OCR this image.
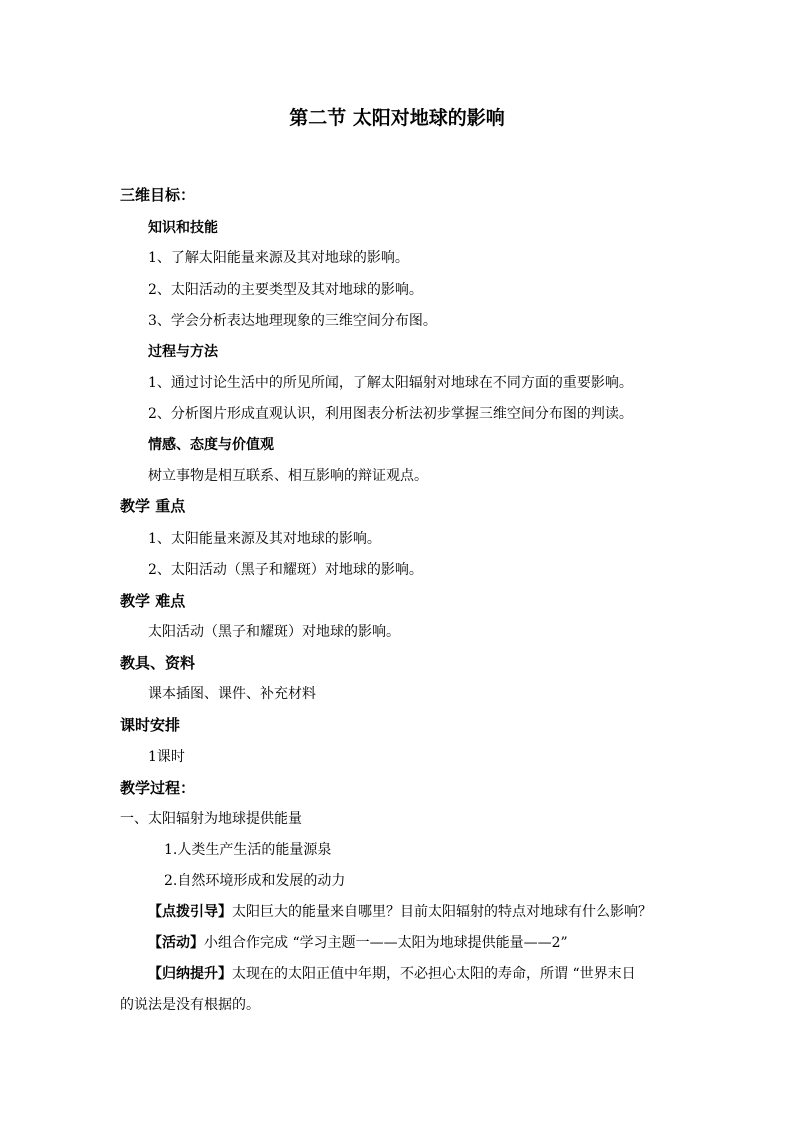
第二节 太阳对地球的影响
三维目标：
知识和技能
1、了解太阳能量来源及其对地球的影响。
2、太阳活动的主要类型及其对地球的影响。
3、学会分析表达地理现象的三维空间分布图。
过程与方法
1、通过讨论生活中的所见所闻，了解太阳辐射对地球在不同方面的重要影响。
2、分析图片形成直观认识，利用图表分析法初步掌握三维空间分布图的判读。
情感、态度与价值观
树立事物是相互联系、相互影响的辩证观点。
教学 重点
1、太阳能量来源及其对地球的影响。
2、太阳活动（黑子和耀斑）对地球的影响。
教学 难点
太阳活动（黑子和耀斑）对地球的影响。
教具、资料
课本插图、课件、补充材料
课时安排
1课时
教学过程：
一、太阳辐射为地球提供能量
1.人类生产生活的能量源泉
2.自然环境形成和发展的动力
【点拨引导】太阳巨大的能量来自哪里？目前太阳辐射的特点对地球有什么影响？
【活动】小组合作完成 “学习主题一——太阳为地球提供能量——2”
【归纳提升】太现在的太阳正值中年期，不必担心太阳的寿命，所谓 “世界末日
的说法是没有根据的。
